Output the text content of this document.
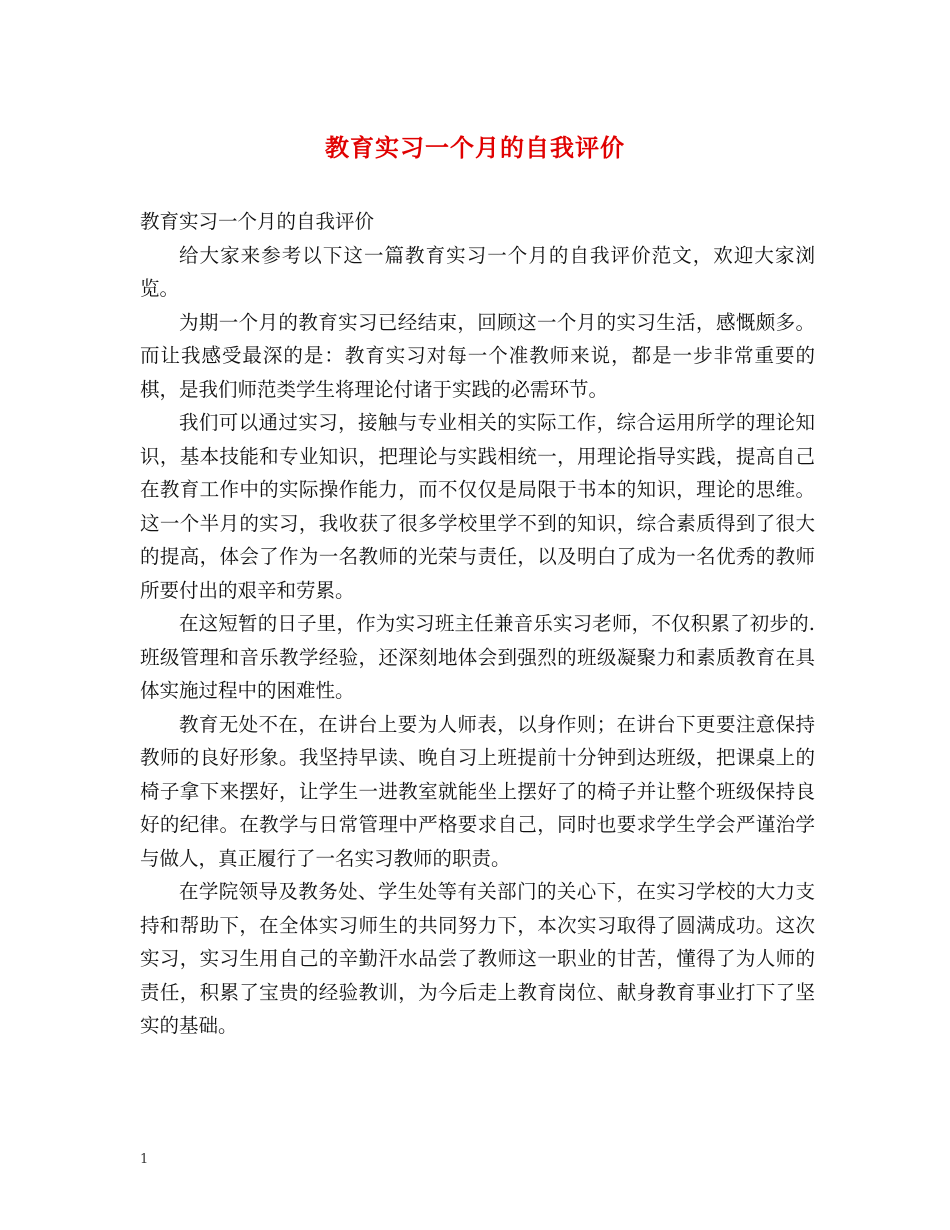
教育实习一个月的自我评价

教育实习一个月的自我评价

给大家来参考以下这一篇教育实习一个月的自我评价范文，欢迎大家浏览。

为期一个月的教育实习已经结束，回顾这一个月的实习生活，感慨颇多。而让我感受最深的是：教育实习对每一个准教师来说，都是一步非常重要的棋，是我们师范类学生将理论付诸于实践的必需环节。

我们可以通过实习，接触与专业相关的实际工作，综合运用所学的理论知识，基本技能和专业知识，把理论与实践相统一，用理论指导实践，提高自己在教育工作中的实际操作能力，而不仅仅是局限于书本的知识，理论的思维。这一个半月的实习，我收获了很多学校里学不到的知识，综合素质得到了很大的提高，体会了作为一名教师的光荣与责任，以及明白了成为一名优秀的教师所要付出的艰辛和劳累。

在这短暂的日子里，作为实习班主任兼音乐实习老师，不仅积累了初步的.班级管理和音乐教学经验，还深刻地体会到强烈的班级凝聚力和素质教育在具体实施过程中的困难性。

教育无处不在，在讲台上要为人师表，以身作则；在讲台下更要注意保持教师的良好形象。我坚持早读、晚自习上班提前十分钟到达班级，把课桌上的椅子拿下来摆好，让学生一进教室就能坐上摆好了的椅子并让整个班级保持良好的纪律。在教学与日常管理中严格要求自己，同时也要求学生学会严谨治学与做人，真正履行了一名实习教师的职责。

在学院领导及教务处、学生处等有关部门的关心下，在实习学校的大力支持和帮助下，在全体实习师生的共同努力下，本次实习取得了圆满成功。这次实习，实习生用自己的辛勤汗水品尝了教师这一职业的甘苦，懂得了为人师的责任，积累了宝贵的经验教训，为今后走上教育岗位、献身教育事业打下了坚实的基础。

1
